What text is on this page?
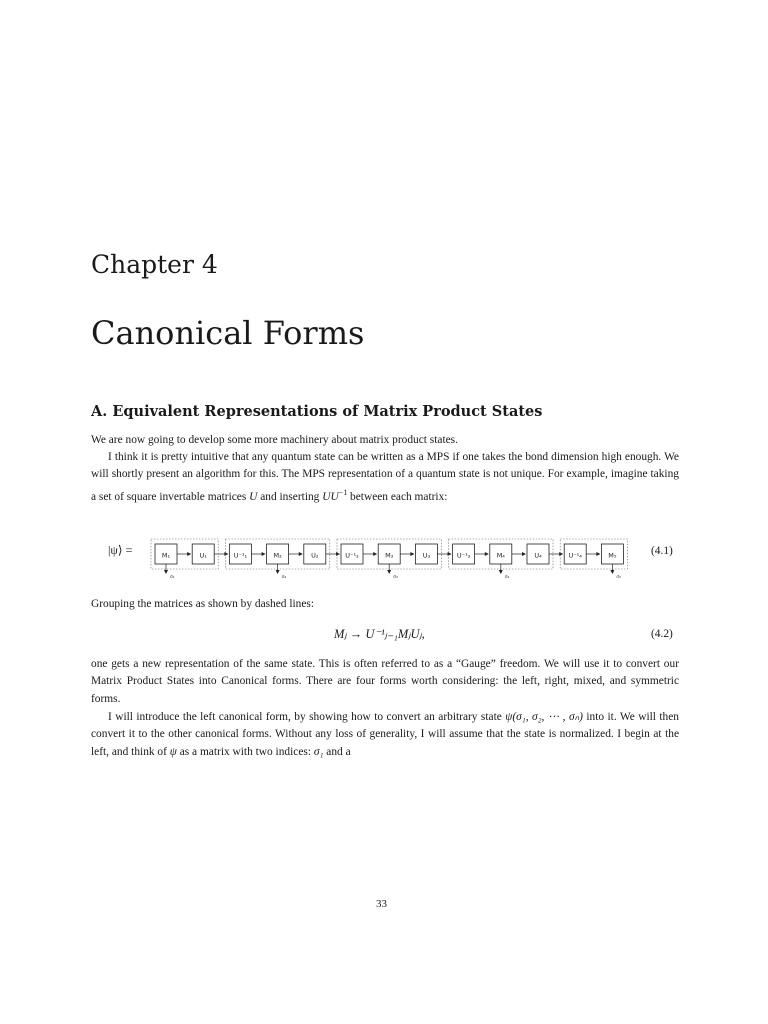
Chapter 4
Canonical Forms
A. Equivalent Representations of Matrix Product States

We are now going to develop some more machinery about matrix product states.

I think it is pretty intuitive that any quantum state can be written as a MPS if one takes the bond dimension high enough. We will shortly present an algorithm for this. The MPS representation of a quantum state is not unique. For example, imagine taking a set of square invertable matrices U and inserting $UU^{-1}$ between each matrix:

|ψ⟩ =	M₁	U₁	U⁻¹₁	M₂	U₂	U⁻¹₂	M₃	U₃	U⁻¹₃	M₄	U₄	U⁻¹₄	M₅
σ₁	σ₂	σ₃	σ₄	σ₅
(4.1)

Grouping the matrices as shown by dashed lines:

Mⱼ → U⁻¹ⱼ₋₁MⱼUⱼ,	(4.2)

one gets a new representation of the same state. This is often referred to as a “Gauge” freedom. We will use it to convert our Matrix Product States into Canonical forms. There are four forms worth considering: the left, right, mixed, and symmetric forms.

I will introduce the left canonical form, by showing how to convert an arbitrary state ψ(σ₁, σ₂, ⋯ , σₙ) into it. We will then convert it to the other canonical forms. Without any loss of generality, I will assume that the state is normalized. I begin at the left, and think of ψ as a matrix with two indices: σ₁ and a

33
